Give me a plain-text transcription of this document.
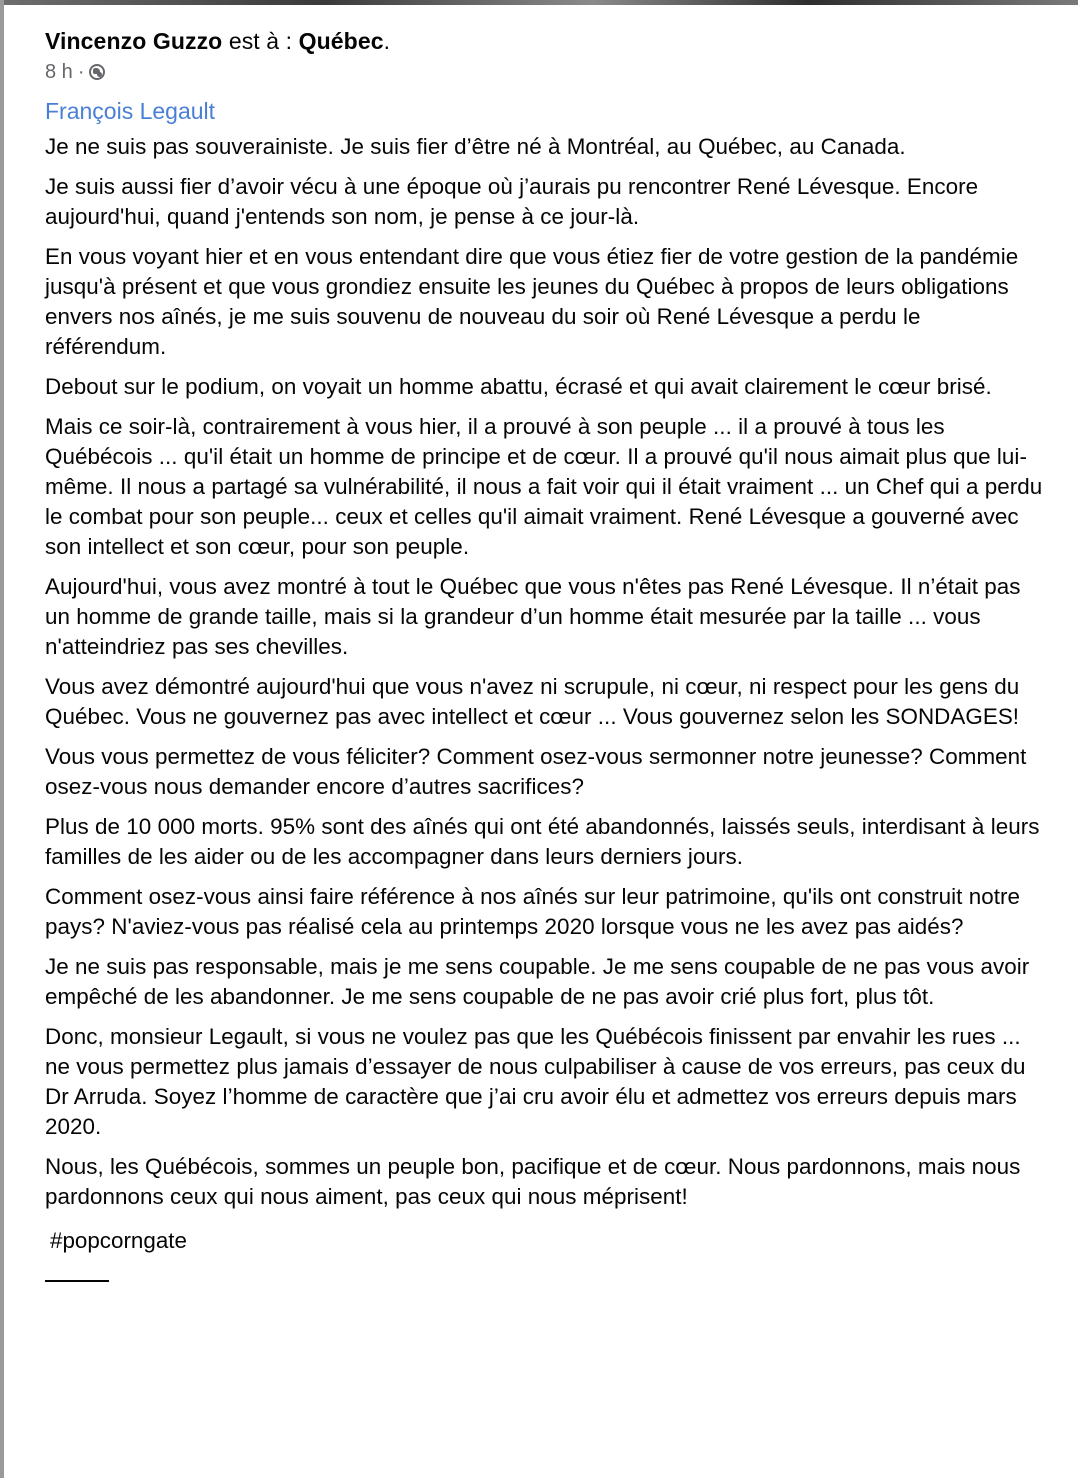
Vincenzo Guzzo est à : Québec.
8 h ·
François Legault

Je ne suis pas souverainiste. Je suis fier d’être né à Montréal, au Québec, au Canada.

Je suis aussi fier d’avoir vécu à une époque où j’aurais pu rencontrer René Lévesque. Encore aujourd'hui, quand j'entends son nom, je pense à ce jour-là.

En vous voyant hier et en vous entendant dire que vous étiez fier de votre gestion de la pandémie jusqu'à présent et que vous grondiez ensuite les jeunes du Québec à propos de leurs obligations envers nos aînés, je me suis souvenu de nouveau du soir où René Lévesque a perdu le référendum.

Debout sur le podium, on voyait un homme abattu, écrasé et qui avait clairement le cœur brisé.

Mais ce soir-là, contrairement à vous hier, il a prouvé à son peuple ... il a prouvé à tous les Québécois ... qu'il était un homme de principe et de cœur. Il a prouvé qu'il nous aimait plus que lui-même. Il nous a partagé sa vulnérabilité, il nous a fait voir qui il était vraiment ... un Chef qui a perdu le combat pour son peuple... ceux et celles qu'il aimait vraiment. René Lévesque a gouverné avec son intellect et son cœur, pour son peuple.

Aujourd'hui, vous avez montré à tout le Québec que vous n'êtes pas René Lévesque. Il n’était pas un homme de grande taille, mais si la grandeur d’un homme était mesurée par la taille ... vous n'atteindriez pas ses chevilles.

Vous avez démontré aujourd'hui que vous n'avez ni scrupule, ni cœur, ni respect pour les gens du Québec. Vous ne gouvernez pas avec intellect et cœur ... Vous gouvernez selon les SONDAGES!

Vous vous permettez de vous féliciter? Comment osez-vous sermonner notre jeunesse? Comment osez-vous nous demander encore d’autres sacrifices?

Plus de 10 000 morts. 95% sont des aînés qui ont été abandonnés, laissés seuls, interdisant à leurs familles de les aider ou de les accompagner dans leurs derniers jours.

Comment osez-vous ainsi faire référence à nos aînés sur leur patrimoine, qu'ils ont construit notre pays? N'aviez-vous pas réalisé cela au printemps 2020 lorsque vous ne les avez pas aidés?

Je ne suis pas responsable, mais je me sens coupable. Je me sens coupable de ne pas vous avoir empêché de les abandonner. Je me sens coupable de ne pas avoir crié plus fort, plus tôt.

Donc, monsieur Legault, si vous ne voulez pas que les Québécois finissent par envahir les rues ... ne vous permettez plus jamais d’essayer de nous culpabiliser à cause de vos erreurs, pas ceux du Dr Arruda. Soyez l’homme de caractère que j’ai cru avoir élu et admettez vos erreurs depuis mars 2020.

Nous, les Québécois, sommes un peuple bon, pacifique et de cœur. Nous pardonnons, mais nous pardonnons ceux qui nous aiment, pas ceux qui nous méprisent!

#popcorngate
